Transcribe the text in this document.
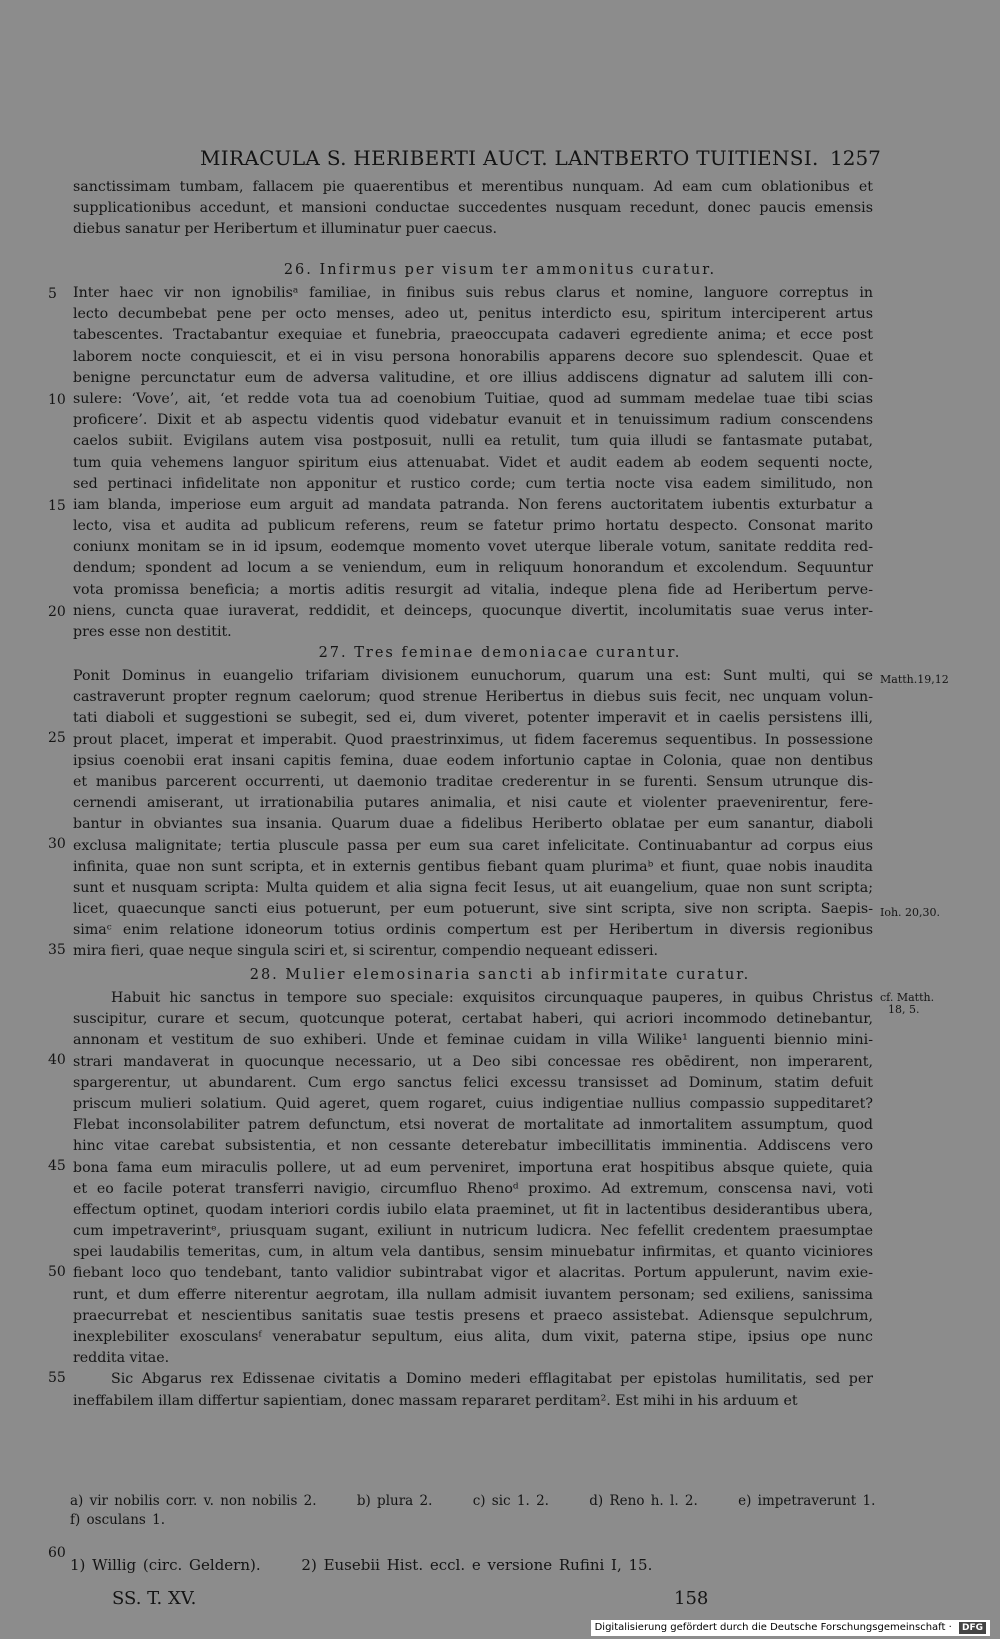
MIRACULA S. HERIBERTI AUCT. LANTBERTO TUITIENSI. 1257
sanctissimam tumbam, fallacem pie quaerentibus et merentibus nunquam. Ad eam cum oblationibus et
supplicationibus accedunt, et mansioni conductae succedentes nusquam recedunt, donec paucis emensis
diebus sanatur per Heribertum et illuminatur puer caecus.
26. Infirmus per visum ter ammonitus curatur.
Inter haec vir non ignobilisᵃ familiae, in finibus suis rebus clarus et nomine, languore correptus in
lecto decumbebat pene per octo menses, adeo ut, penitus interdicto esu, spiritum interciperent artus
tabescentes. Tractabantur exequiae et funebria, praeoccupata cadaveri egrediente anima; et ecce post
laborem nocte conquiescit, et ei in visu persona honorabilis apparens decore suo splendescit. Quae et
benigne percunctatur eum de adversa valitudine, et ore illius addiscens dignatur ad salutem illi con-
sulere: ‘Vove’, ait, ‘et redde vota tua ad coenobium Tuitiae, quod ad summam medelae tuae tibi scias
proficere’. Dixit et ab aspectu videntis quod videbatur evanuit et in tenuissimum radium conscendens
caelos subiit. Evigilans autem visa postposuit, nulli ea retulit, tum quia illudi se fantasmate putabat,
tum quia vehemens languor spiritum eius attenuabat. Videt et audit eadem ab eodem sequenti nocte,
sed pertinaci infidelitate non apponitur et rustico corde; cum tertia nocte visa eadem similitudo, non
iam blanda, imperiose eum arguit ad mandata patranda. Non ferens auctoritatem iubentis exturbatur a
lecto, visa et audita ad publicum referens, reum se fatetur primo hortatu despecto. Consonat marito
coniunx monitam se in id ipsum, eodemque momento vovet uterque liberale votum, sanitate reddita red-
dendum; spondent ad locum a se veniendum, eum in reliquum honorandum et excolendum. Sequuntur
vota promissa beneficia; a mortis aditis resurgit ad vitalia, indeque plena fide ad Heribertum perve-
niens, cuncta quae iuraverat, reddidit, et deinceps, quocunque divertit, incolumitatis suae verus inter-
pres esse non destitit.
27. Tres feminae demoniacae curantur.
Ponit Dominus in euangelio trifariam divisionem eunuchorum, quarum una est: Sunt multi, qui se
castraverunt propter regnum caelorum; quod strenue Heribertus in diebus suis fecit, nec unquam volun-
tati diaboli et suggestioni se subegit, sed ei, dum viveret, potenter imperavit et in caelis persistens illi,
prout placet, imperat et imperabit. Quod praestrinximus, ut fidem faceremus sequentibus. In possessione
ipsius coenobii erat insani capitis femina, duae eodem infortunio captae in Colonia, quae non dentibus
et manibus parcerent occurrenti, ut daemonio traditae crederentur in se furenti. Sensum utrunque dis-
cernendi amiserant, ut irrationabilia putares animalia, et nisi caute et violenter praevenirentur, fere-
bantur in obviantes sua insania. Quarum duae a fidelibus Heriberto oblatae per eum sanantur, diaboli
exclusa malignitate; tertia pluscule passa per eum sua caret infelicitate. Continuabantur ad corpus eius
infinita, quae non sunt scripta, et in externis gentibus fiebant quam plurimaᵇ et fiunt, quae nobis inaudita
sunt et nusquam scripta: Multa quidem et alia signa fecit Iesus, ut ait euangelium, quae non sunt scripta;
licet, quaecunque sancti eius potuerunt, per eum potuerunt, sive sint scripta, sive non scripta. Saepis-
simaᶜ enim relatione idoneorum totius ordinis compertum est per Heribertum in diversis regionibus
mira fieri, quae neque singula sciri et, si scirentur, compendio nequeant edisseri.
28. Mulier elemosinaria sancti ab infirmitate curatur.
Habuit hic sanctus in tempore suo speciale: exquisitos circunquaque pauperes, in quibus Christus
suscipitur, curare et secum, quotcunque poterat, certabat haberi, qui acriori incommodo detinebantur,
annonam et vestitum de suo exhiberi. Unde et feminae cuidam in villa Wilike¹ languenti biennio mini-
strari mandaverat in quocunque necessario, ut a Deo sibi concessae res obēdirent, non imperarent,
spargerentur, ut abundarent. Cum ergo sanctus felici excessu transisset ad Dominum, statim defuit
priscum mulieri solatium. Quid ageret, quem rogaret, cuius indigentiae nullius compassio suppeditaret?
Flebat inconsolabiliter patrem defunctum, etsi noverat de mortalitate ad inmortalitem assumptum, quod
hinc vitae carebat subsistentia, et non cessante deterebatur imbecillitatis imminentia. Addiscens vero
bona fama eum miraculis pollere, ut ad eum perveniret, importuna erat hospitibus absque quiete, quia
et eo facile poterat transferri navigio, circumfluo Rhenoᵈ proximo. Ad extremum, conscensa navi, voti
effectum optinet, quodam interiori cordis iubilo elata praeminet, ut fit in lactentibus desiderantibus ubera,
cum impetraverintᵉ, priusquam sugant, exiliunt in nutricum ludicra. Nec fefellit credentem praesumptae
spei laudabilis temeritas, cum, in altum vela dantibus, sensim minuebatur infirmitas, et quanto viciniores
fiebant loco quo tendebant, tanto validior subintrabat vigor et alacritas. Portum appulerunt, navim exie-
runt, et dum efferre niterentur aegrotam, illa nullam admisit iuvantem personam; sed exiliens, sanissima
praecurrebat et nescientibus sanitatis suae testis presens et praeco assistebat. Adiensque sepulchrum,
inexplebiliter exosculansᶠ venerabatur sepultum, eius alita, dum vixit, paterna stipe, ipsius ope nunc
reddita vitae.
Sic Abgarus rex Edissenae civitatis a Domino mederi efflagitabat per epistolas humilitatis, sed per
ineffabilem illam differtur sapientiam, donec massam repararet perditam². Est mihi in his arduum et
5
10
15
20
25
30
35
40
45
50
55
60
Matth.19,12
Ioh. 20,30.
cf. Matth.
18, 5.
a) vir nobilis corr. v. non nobilis 2.	b) plura 2.	c) sic 1. 2.	d) Reno h. l. 2.	e) impetraverunt 1.
f) osculans 1.
1) Willig (circ. Geldern).	2) Eusebii Hist. eccl. e versione Rufini I, 15.
SS. T. XV.	158
Digitalisierung gefördert durch die Deutsche Forschungsgemeinschaft · DFG
